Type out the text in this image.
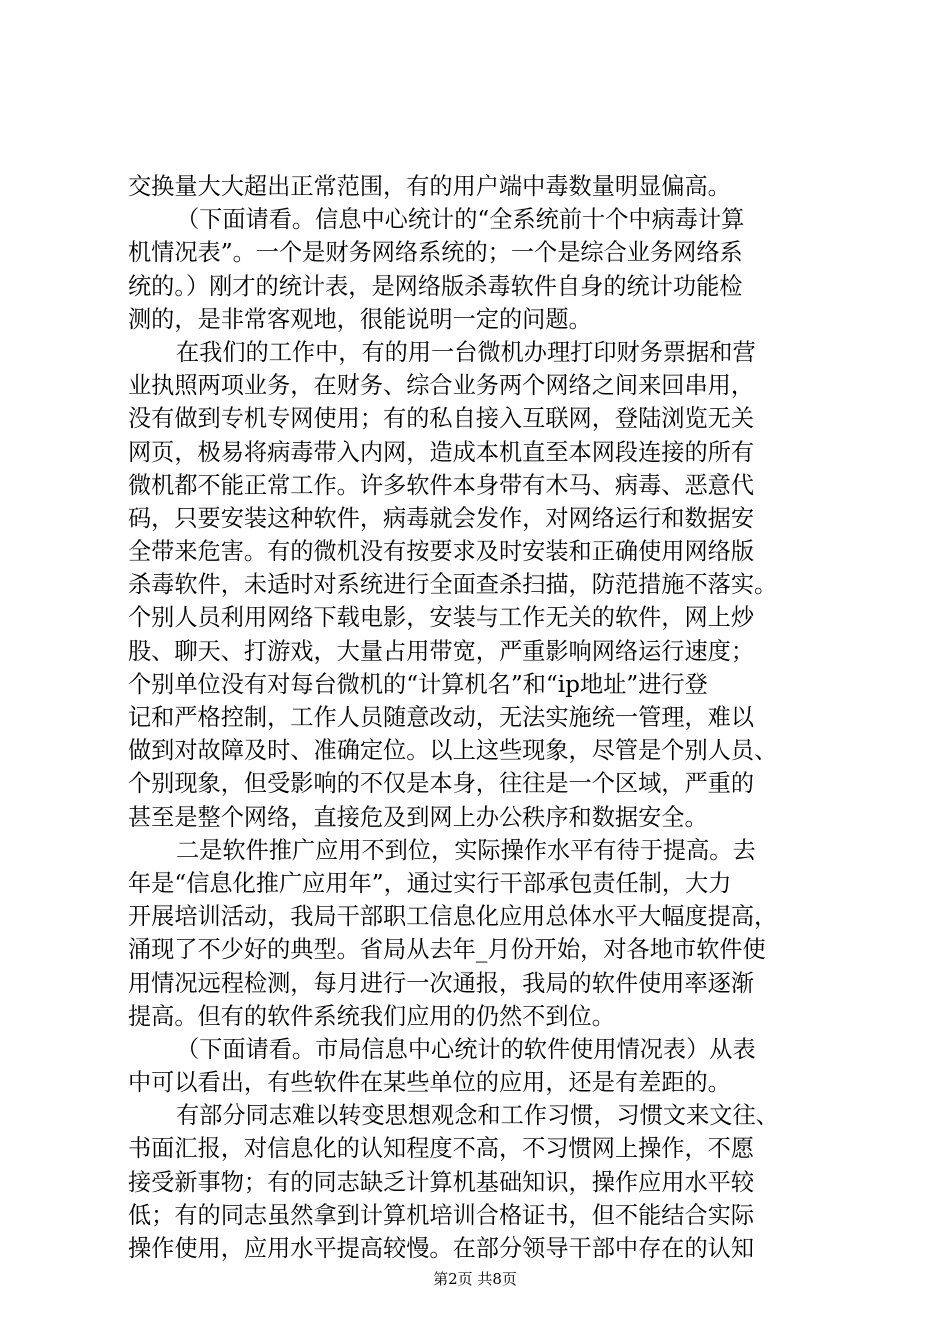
交换量大大超出正常范围，有的用户端中毒数量明显偏高。
（下面请看。信息中心统计的“全系统前十个中病毒计算
机情况表”。一个是财务网络系统的；一个是综合业务网络系
统的。）刚才的统计表，是网络版杀毒软件自身的统计功能检
测的，是非常客观地，很能说明一定的问题。
在我们的工作中，有的用一台微机办理打印财务票据和营
业执照两项业务，在财务、综合业务两个网络之间来回串用，
没有做到专机专网使用；有的私自接入互联网，登陆浏览无关
网页，极易将病毒带入内网，造成本机直至本网段连接的所有
微机都不能正常工作。许多软件本身带有木马、病毒、恶意代
码，只要安装这种软件，病毒就会发作，对网络运行和数据安
全带来危害。有的微机没有按要求及时安装和正确使用网络版
杀毒软件，未适时对系统进行全面查杀扫描，防范措施不落实。
个别人员利用网络下载电影，安装与工作无关的软件，网上炒
股、聊天、打游戏，大量占用带宽，严重影响网络运行速度；
个别单位没有对每台微机的“计算机名”和“ip地址”进行登
记和严格控制，工作人员随意改动，无法实施统一管理，难以
做到对故障及时、准确定位。以上这些现象，尽管是个别人员、
个别现象，但受影响的不仅是本身，往往是一个区域，严重的
甚至是整个网络，直接危及到网上办公秩序和数据安全。
二是软件推广应用不到位，实际操作水平有待于提高。去
年是“信息化推广应用年”，通过实行干部承包责任制，大力
开展培训活动，我局干部职工信息化应用总体水平大幅度提高，
涌现了不少好的典型。省局从去年_月份开始，对各地市软件使
用情况远程检测，每月进行一次通报，我局的软件使用率逐渐
提高。但有的软件系统我们应用的仍然不到位。
（下面请看。市局信息中心统计的软件使用情况表）从表
中可以看出，有些软件在某些单位的应用，还是有差距的。
有部分同志难以转变思想观念和工作习惯，习惯文来文往、
书面汇报，对信息化的认知程度不高，不习惯网上操作，不愿
接受新事物；有的同志缺乏计算机基础知识，操作应用水平较
低；有的同志虽然拿到计算机培训合格证书，但不能结合实际
操作使用，应用水平提高较慢。在部分领导干部中存在的认知
第2页 共8页
